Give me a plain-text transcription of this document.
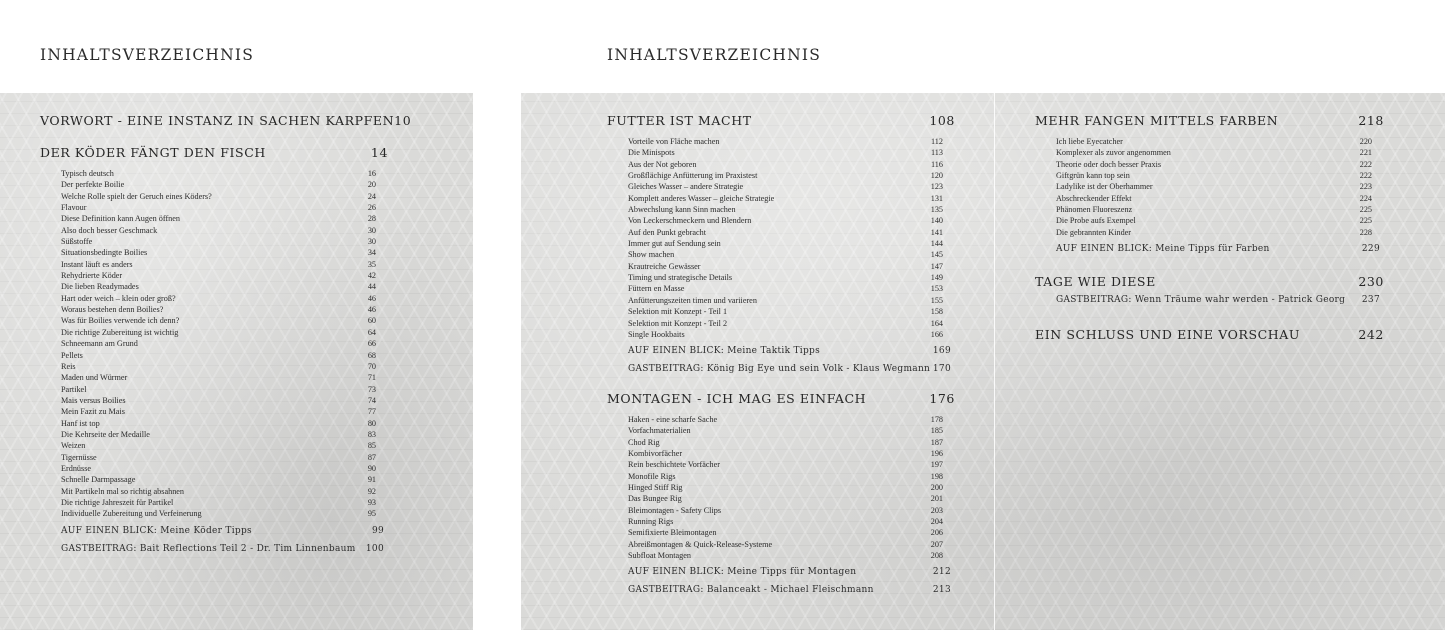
INHALTSVERZEICHNIS	INHALTSVERZEICHNIS
VORWORT - EINE INSTANZ IN SACHEN KARPFEN 10
DER KÖDER FÄNGT DEN FISCH	14
Typisch deutsch	16
Der perfekte Boilie	20
Welche Rolle spielt der Geruch eines Köders?	24
Flavour	26
Diese Definition kann Augen öffnen	28
Also doch besser Geschmack	30
Süßstoffe	30
Situationsbedingte Boilies	34
Instant läuft es anders	35
Rehydrierte Köder	42
Die lieben Readymades	44
Hart oder weich – klein oder groß?	46
Woraus bestehen denn Boilies?	46
Was für Boilies verwende ich denn?	60
Die richtige Zubereitung ist wichtig	64
Schneemann am Grund	66
Pellets	68
Reis	70
Maden und Würmer	71
Partikel	73
Mais versus Boilies	74
Mein Fazit zu Mais	77
Hanf ist top	80
Die Kehrseite der Medaille	83
Weizen	85
Tigernüsse	87
Erdnüsse	90
Schnelle Darmpassage	91
Mit Partikeln mal so richtig absahnen	92
Die richtige Jahreszeit für Partikel	93
Individuelle Zubereitung und Verfeinerung	95
AUF EINEN BLICK: Meine Köder Tipps	99
GASTBEITRAG: Bait Reflections Teil 2 - Dr. Tim Linnenbaum 100
FUTTER IST MACHT	108
Vorteile von Fläche machen	112
Die Minispots	113
Aus der Not geboren	116
Großflächige Anfütterung im Praxistest	120
Gleiches Wasser – andere Strategie	123
Komplett anderes Wasser – gleiche Strategie	131
Abwechslung kann Sinn machen	135
Von Leckerschmeckern und Blendern	140
Auf den Punkt gebracht	141
Immer gut auf Sendung sein	144
Show machen	145
Krautreiche Gewässer	147
Timing und strategische Details	149
Füttern en Masse	153
Anfütterungszeiten timen und variieren	155
Selektion mit Konzept - Teil 1	158
Selektion mit Konzept - Teil 2	164
Single Hookbaits	166
AUF EINEN BLICK: Meine Taktik Tipps	169
GASTBEITRAG: König Big Eye und sein Volk - Klaus Wegmann 170
MONTAGEN - ICH MAG ES EINFACH	176
Haken - eine scharfe Sache	178
Vorfachmaterialien	185
Chod Rig	187
Kombivorfächer	196
Rein beschichtete Vorfächer	197
Monofile Rigs	198
Hinged Stiff Rig	200
Das Bungee Rig	201
Bleimontagen - Safety Clips	203
Running Rigs	204
Semifixierte Bleimontagen	206
Abreißmontagen & Quick-Release-Systeme	207
Subfloat Montagen	208
AUF EINEN BLICK: Meine Tipps für Montagen	212
GASTBEITRAG: Balanceakt - Michael Fleischmann	213
MEHR FANGEN MITTELS FARBEN	218
Ich liebe Eyecatcher	220
Komplexer als zuvor angenommen	221
Theorie oder doch besser Praxis	222
Giftgrün kann top sein	222
Ladylike ist der Oberhammer	223
Abschreckender Effekt	224
Phänomen Fluoreszenz	225
Die Probe aufs Exempel	225
Die gebrannten Kinder	228
AUF EINEN BLICK: Meine Tipps für Farben	229
TAGE WIE DIESE	230
GASTBEITRAG: Wenn Träume wahr werden - Patrick Georg 237
EIN SCHLUSS UND EINE VORSCHAU	242
